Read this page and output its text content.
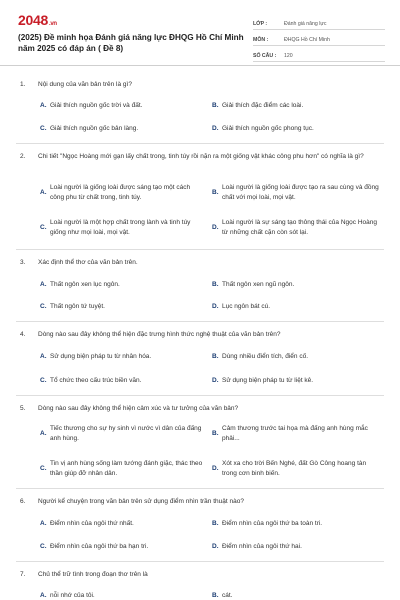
2048.vn
(2025) Đề minh họa Đánh giá năng lực ĐHQG Hồ Chí Minh năm 2025 có đáp án ( Đề 8)
LỚP :	Đánh giá năng lực
MÔN :	ĐHQG Hồ Chí Minh
SỐ CÂU :	120
1.	Nội dung của văn bản trên là gì?
A. Giải thích nguồn gốc trời và đất.	B. Giải thích đặc điểm các loài.
C. Giải thích nguồn gốc bản làng.	D. Giải thích nguồn gốc phong tục.
2.	Chi tiết "Ngọc Hoàng mới gạn lấy chất trong, tinh túy rồi nặn ra một giống vật khác công phu hơn" có nghĩa là gì?
A.
Loài người là giống loài được sáng tạo một cách công phu từ chất trong, tinh túy.
B.
Loài người là giống loài được tạo ra sau cùng và đồng chất với mọi loài, mọi vật.
C.
Loài người là một hợp chất trong lành và tinh túy giống như mọi loài, mọi vật.
D.
Loài người là sự sáng tạo thông thái của Ngọc Hoàng từ những chất cặn còn sót lại.
3.	Xác định thể thơ của văn bản trên.
A. Thất ngôn xen lục ngôn.	B. Thất ngôn xen ngũ ngôn.
C. Thất ngôn tứ tuyệt.	D. Lục ngôn bát cú.
4.	Dòng nào sau đây không thể hiện đặc trưng hình thức nghệ thuật của văn bản trên?
A. Sử dụng biện pháp tu từ nhân hóa.	B. Dùng nhiều điển tích, điển cố.
C. Tổ chức theo cấu trúc biền văn.	D. Sử dụng biện pháp tu từ liệt kê.
5.	Dòng nào sau đây không thể hiện cảm xúc và tư tưởng của văn bản?
A.
Tiếc thương cho sự hy sinh vì nước vì dân của đấng anh hùng.
B.
Cảm thương trước tai họa mà đấng anh hùng mắc phải...
C.
Tin vị anh hùng sống làm tướng đánh giặc, thác theo thần giúp đỡ nhân dân.
D.
Xót xa cho trời Bến Nghé, đất Gò Công hoang tàn trong cơn binh biến.
6.	Người kể chuyện trong văn bản trên sử dụng điểm nhìn trần thuật nào?
A. Điểm nhìn của ngôi thứ nhất.	B. Điểm nhìn của ngôi thứ ba toàn tri.
C. Điểm nhìn của ngôi thứ ba hạn tri.	D. Điểm nhìn của ngôi thứ hai.
7.	Chủ thể trữ tình trong đoạn thơ trên là
A. nỗi nhớ của tôi.	B. cát.
